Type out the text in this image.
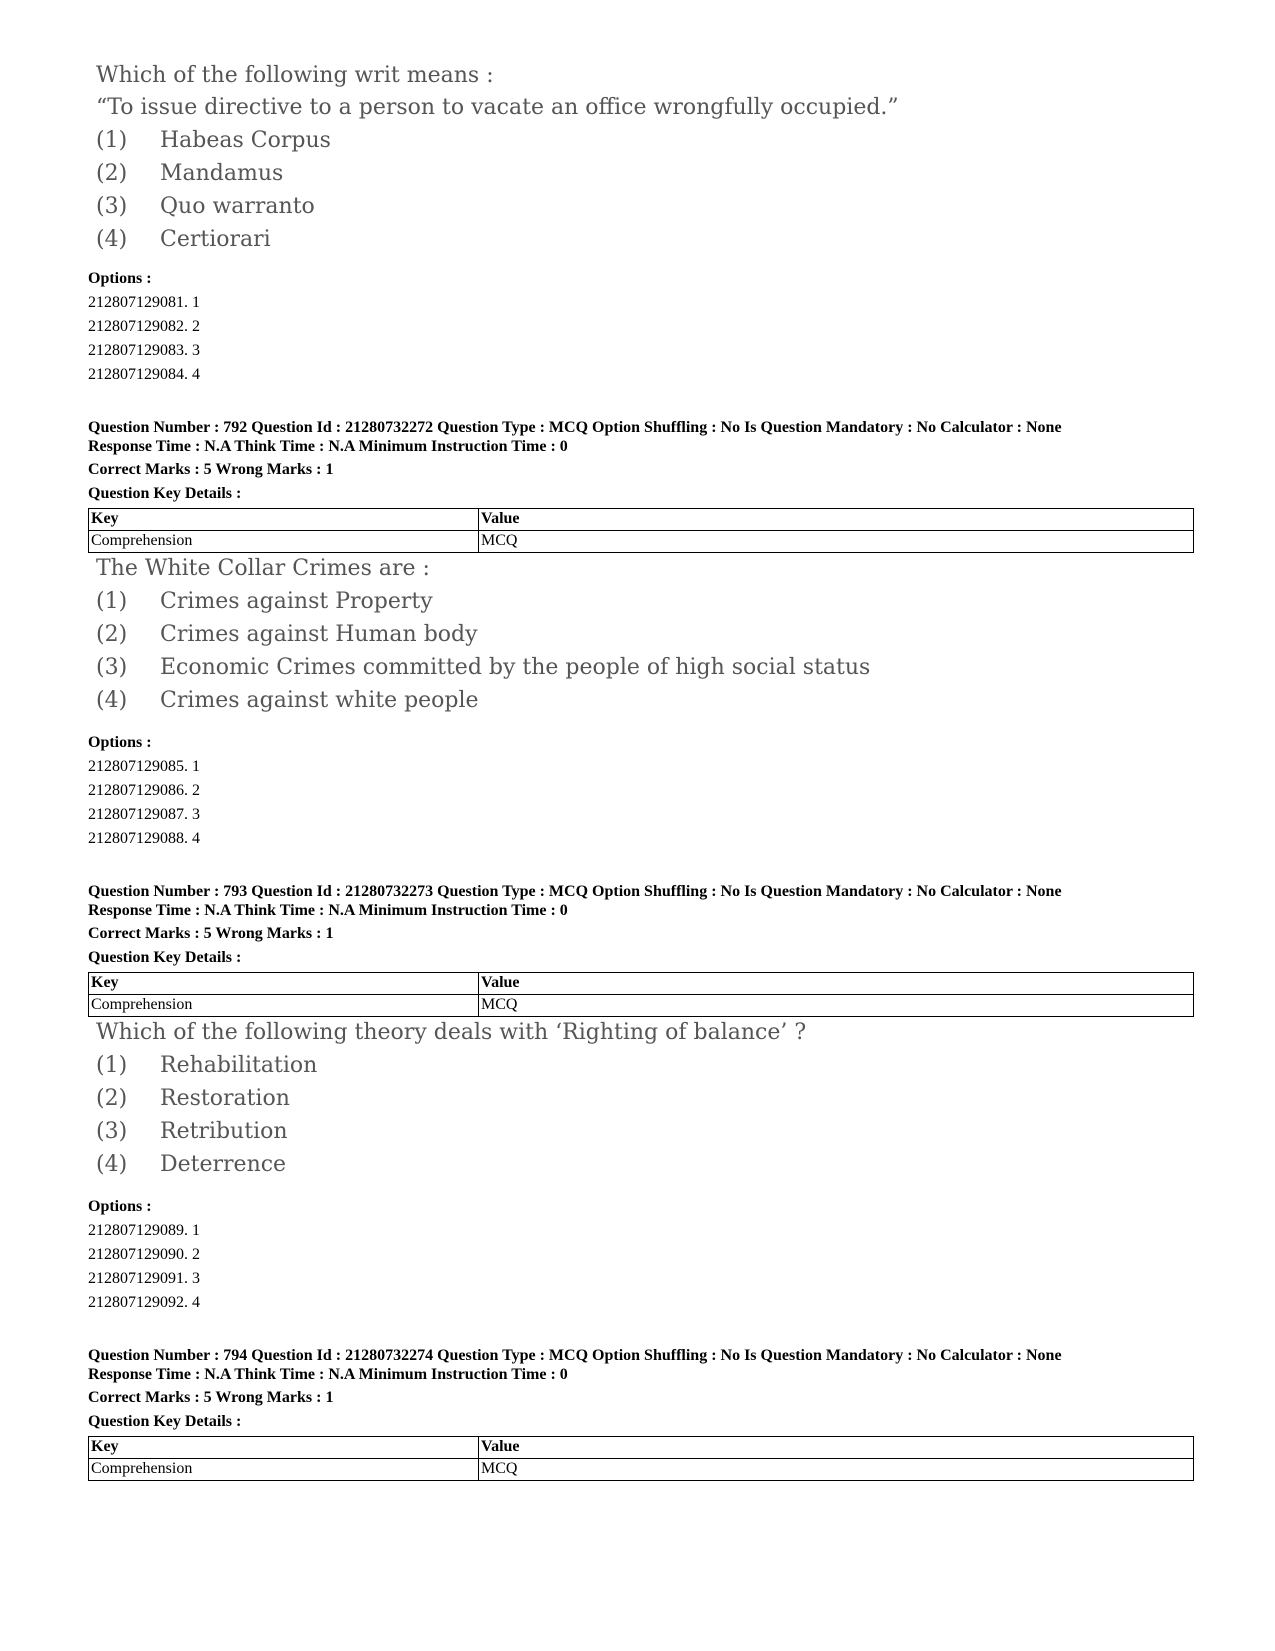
Which of the following writ means :
“To issue directive to a person to vacate an office wrongfully occupied.”
(1)	Habeas Corpus
(2)	Mandamus
(3)	Quo warranto
(4)	Certiorari
Options :
212807129081. 1
212807129082. 2
212807129083. 3
212807129084. 4
Question Number : 792 Question Id : 21280732272 Question Type : MCQ Option Shuffling : No Is Question Mandatory : No Calculator : None
Response Time : N.A Think Time : N.A Minimum Instruction Time : 0
Correct Marks : 5 Wrong Marks : 1
Question Key Details :
Key	Value
Comprehension	MCQ
The White Collar Crimes are :
(1)	Crimes against Property
(2)	Crimes against Human body
(3)	Economic Crimes committed by the people of high social status
(4)	Crimes against white people
Options :
212807129085. 1
212807129086. 2
212807129087. 3
212807129088. 4
Question Number : 793 Question Id : 21280732273 Question Type : MCQ Option Shuffling : No Is Question Mandatory : No Calculator : None
Response Time : N.A Think Time : N.A Minimum Instruction Time : 0
Correct Marks : 5 Wrong Marks : 1
Question Key Details :
Key	Value
Comprehension	MCQ
Which of the following theory deals with ‘Righting of balance’ ?
(1)	Rehabilitation
(2)	Restoration
(3)	Retribution
(4)	Deterrence
Options :
212807129089. 1
212807129090. 2
212807129091. 3
212807129092. 4
Question Number : 794 Question Id : 21280732274 Question Type : MCQ Option Shuffling : No Is Question Mandatory : No Calculator : None
Response Time : N.A Think Time : N.A Minimum Instruction Time : 0
Correct Marks : 5 Wrong Marks : 1
Question Key Details :
Key	Value
Comprehension	MCQ
